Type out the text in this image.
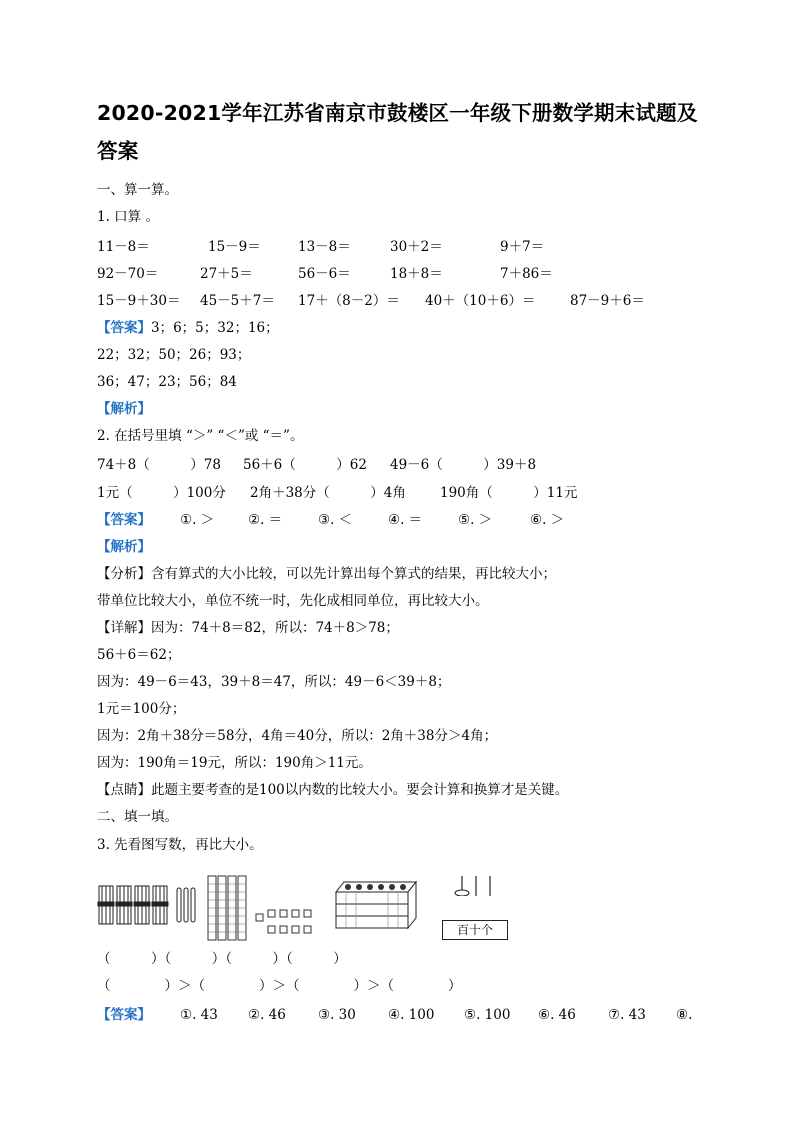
2020-2021学年江苏省南京市鼓楼区一年级下册数学期末试题及答案
一、算一算。
1. 口算 。
11－8＝	15－9＝	13－8＝	30＋2＝	9＋7＝
92－70＝	27＋5＝	56－6＝	18＋8＝	7＋86＝
15－9＋30＝ 45－5＋7＝ 17＋（8－2）＝ 40＋（10＋6）＝	87－9＋6＝
【答案】3；6；5；32；16；
22；32；50；26；93；
36；47；23；56；84
【解析】
2. 在括号里填 “＞” “＜”或 “＝”。
74＋8（　　　）78 56＋6（　　　）62 49－6（　　　）39＋8
1元（　　　）100分 2角＋38分（　　　）4角	190角（　　　）11元
【答案】 ①. ＞	②. ＝	③. ＜	④. ＝	⑤. ＞	⑥. ＞
【解析】
【分析】含有算式的大小比较，可以先计算出每个算式的结果，再比较大小；
带单位比较大小，单位不统一时，先化成相同单位，再比较大小。
【详解】因为：74＋8＝82，所以：74＋8＞78；
56＋6＝62；
因为：49－6＝43，39＋8＝47，所以：49－6＜39＋8；
1元＝100分；
因为：2角＋38分＝58分，4角＝40分，所以：2角＋38分＞4角；
因为：190角＝19元，所以：190角＞11元。
【点睛】此题主要考查的是100以内数的比较大小。要会计算和换算才是关键。
二、填一填。
3. 先看图写数，再比大小。
百十个
（　　　）（　　　）（　　　）（　　　）
（　　　　）＞（　　　　）＞（　　　　）＞（　　　　）
【答案】 ①. 43 ②. 46 ③. 30 ④. 100 ⑤. 100 ⑥. 46 ⑦. 43 ⑧.
